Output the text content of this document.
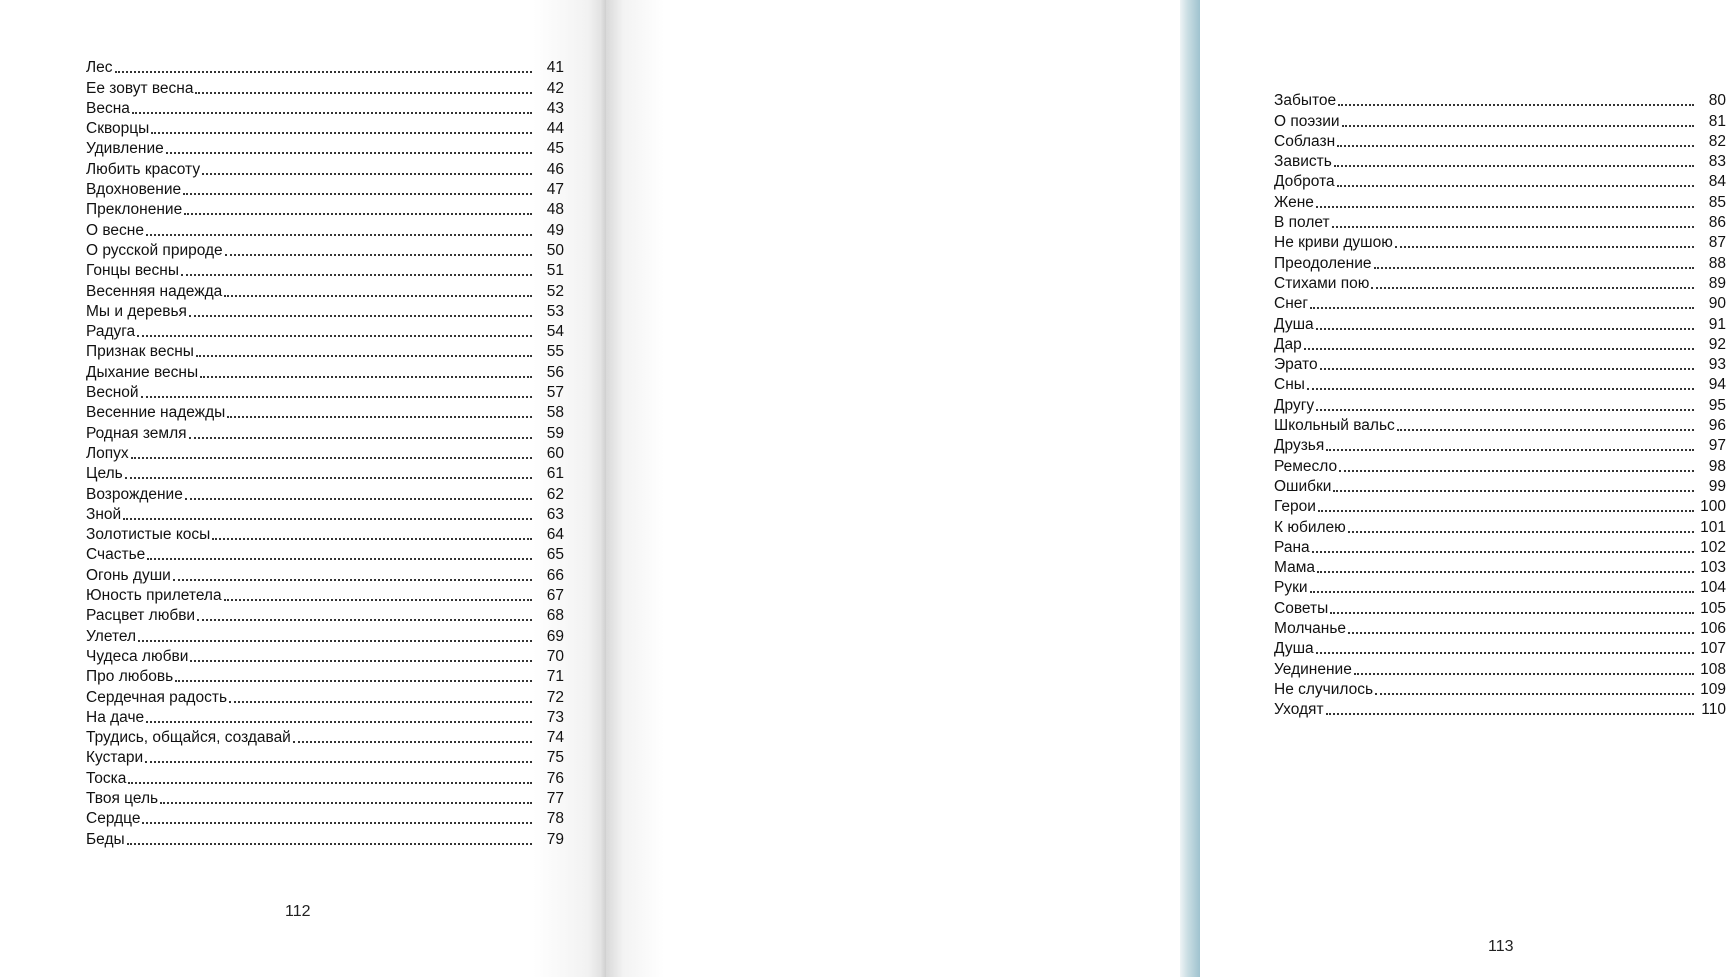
Лес	41
Ее зовут весна	42
Весна	43
Скворцы	44
Удивление	45
Любить красоту	46
Вдохновение	47
Преклонение	48
О весне	49
О русской природе	50
Гонцы весны	51
Весенняя надежда	52
Мы и деревья	53
Радуга	54
Признак весны	55
Дыхание весны	56
Весной	57
Весенние надежды	58
Родная земля	59
Лопух	60
Цель	61
Возрождение	62
Зной	63
Золотистые косы	64
Счастье	65
Огонь души	66
Юность прилетела	67
Расцвет любви	68
Улетел	69
Чудеса любви	70
Про любовь	71
Сердечная радость	72
На даче	73
Трудись, общайся, создавай	74
Кустари	75
Тоска	76
Твоя цель	77
Сердце	78
Беды	79
112
Забытое	80
О поэзии	81
Соблазн	82
Зависть	83
Доброта	84
Жене	85
В полет	86
Не криви душою	87
Преодоление	88
Стихами пою	89
Снег	90
Душа	91
Дар	92
Эрато	93
Сны	94
Другу	95
Школьный вальс	96
Друзья	97
Ремесло	98
Ошибки	99
Герои	100
К юбилею	101
Рана	102
Мама	103
Руки	104
Советы	105
Молчанье	106
Душа	107
Уединение	108
Не случилось	109
Уходят	110
113
